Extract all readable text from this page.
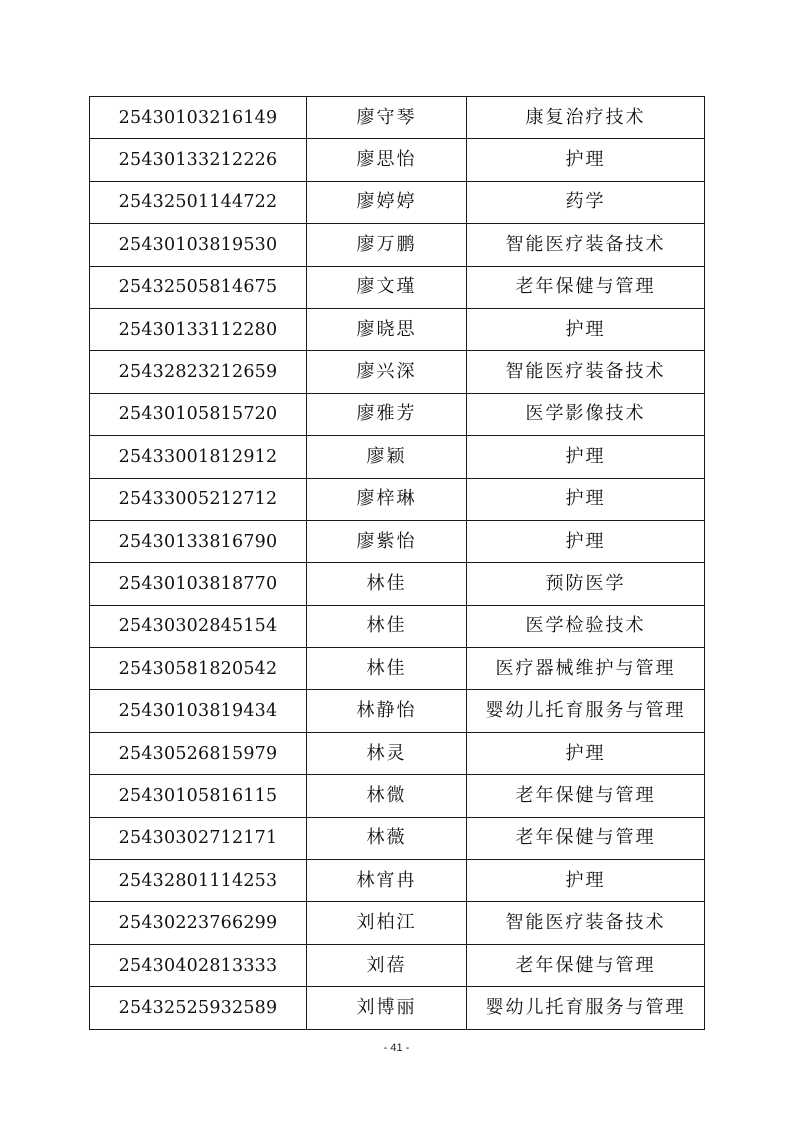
25430103216149	廖守琴	康复治疗技术
25430133212226	廖思怡	护理
25432501144722	廖婷婷	药学
25430103819530	廖万鹏	智能医疗装备技术
25432505814675	廖文瑾	老年保健与管理
25430133112280	廖晓思	护理
25432823212659	廖兴深	智能医疗装备技术
25430105815720	廖雅芳	医学影像技术
25433001812912	廖颖	护理
25433005212712	廖梓琳	护理
25430133816790	廖紫怡	护理
25430103818770	林佳	预防医学
25430302845154	林佳	医学检验技术
25430581820542	林佳	医疗器械维护与管理
25430103819434	林静怡	婴幼儿托育服务与管理
25430526815979	林灵	护理
25430105816115	林微	老年保健与管理
25430302712171	林薇	老年保健与管理
25432801114253	林宵冉	护理
25430223766299	刘柏江	智能医疗装备技术
25430402813333	刘蓓	老年保健与管理
25432525932589	刘博丽	婴幼儿托育服务与管理
- 41 -
